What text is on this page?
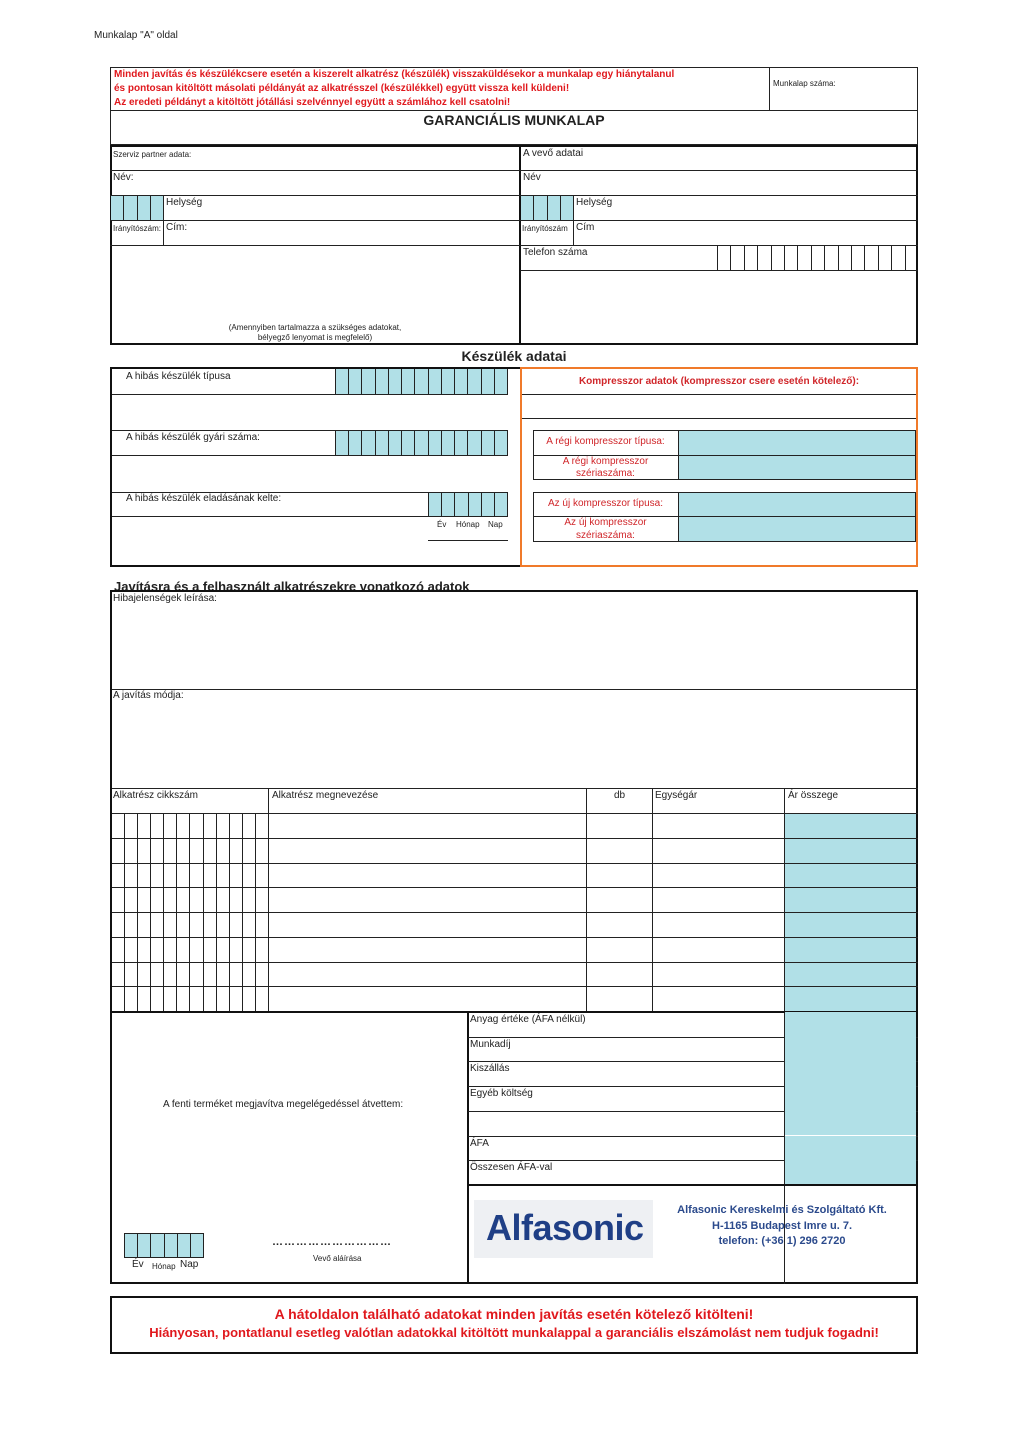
Munkalap "A" oldal
Minden javítás és készülékcsere esetén a kiszerelt alkatrész (készülék) visszaküldésekor a munkalap egy hiánytalanul
és pontosan kitöltött másolati példányát az alkatrésszel (készülékkel) együtt vissza kell küldeni!
Az eredeti példányt a kitöltött jótállási szelvénnyel együtt a számlához kell csatolni!
Munkalap száma:
GARANCIÁLIS MUNKALAP
Szerviz partner adata:
Név:
Helység
Irányítószám: Cím:
(Amennyiben tartalmazza a szükséges adatokat,
bélyegző lenyomat is megfelelő)
A vevő adatai
Név
Helység
Irányítószám Cím
Telefon száma
Készülék adatai
A hibás készülék típusa
A hibás készülék gyári száma:
A hibás készülék eladásának kelte:
Év Hónap Nap
Kompresszor adatok (kompresszor csere esetén kötelező):
A régi kompresszor típusa:
A régi kompresszor
szériaszáma:
Az új kompresszor típusa:
Az új kompresszor
szériaszáma:
Javításra és a felhasznált alkatrészekre vonatkozó adatok
Hibajelenségek leírása:
A javítás módja:
Alkatrész cikkszám	Alkatrész megnevezése	db	Egységár	Ár összege
Anyag értéke (ÁFA nélkül)
Munkadíj
Kiszállás
Egyéb költség
ÁFA
Összesen ÁFA-val
A fenti terméket megjavítva megelégedéssel átvettem:
Év Hónap Nap
…………………………
Vevő aláírása
Alfasonic	Alfasonic Kereskelmi és Szolgáltató Kft.
H-1165 Budapest Imre u. 7.
telefon: (+36 1) 296 2720
A hátoldalon található adatokat minden javítás esetén kötelező kitölteni!
Hiányosan, pontatlanul esetleg valótlan adatokkal kitöltött munkalappal a garanciális elszámolást nem tudjuk fogadni!
